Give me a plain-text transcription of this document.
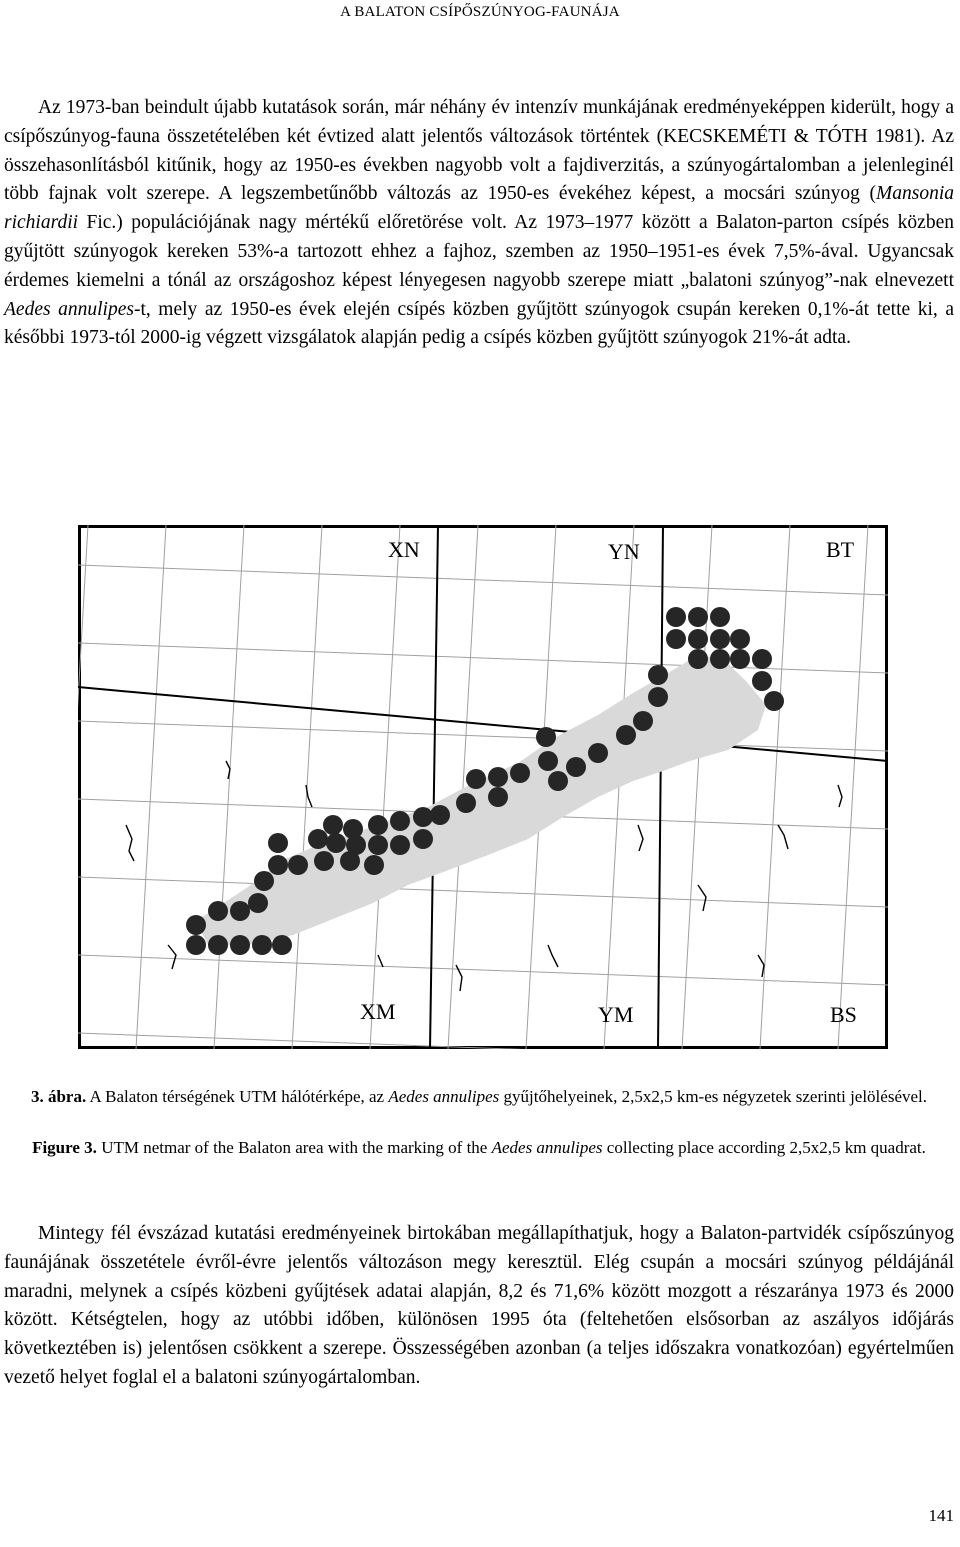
A BALATON CSÍPŐSZÚNYOG-FAUNÁJA

Az 1973-ban beindult újabb kutatások során, már néhány év intenzív munkájának eredményeképpen kiderült, hogy a csípőszúnyog-fauna összetételében két évtized alatt jelentős változások történtek (KECSKEMÉTI & TÓTH 1981). Az összehasonlításból kitűnik, hogy az 1950-es években nagyobb volt a fajdiverzitás, a szúnyogártalomban a jelenleginél több fajnak volt szerepe. A legszembetűnőbb változás az 1950-es évekéhez képest, a mocsári szúnyog (Mansonia richiardii Fic.) populációjának nagy mértékű előretörése volt. Az 1973–1977 között a Balaton-parton csípés közben gyűjtött szúnyogok kereken 53%-a tartozott ehhez a fajhoz, szemben az 1950–1951-es évek 7,5%-ával. Ugyancsak érdemes kiemelni a tónál az országoshoz képest lényegesen nagyobb szerepe miatt „balatoni szúnyog”-nak elnevezett Aedes annulipes-t, mely az 1950-es évek elején csípés közben gyűjtött szúnyogok csupán kereken 0,1%-át tette ki, a későbbi 1973-tól 2000-ig végzett vizsgálatok alapján pedig a csípés közben gyűjtött szúnyogok 21%-át adta.

XN	YN	BT
XM	YM	BS
3. ábra. A Balaton térségének UTM hálótérképe, az Aedes annulipes gyűjtőhelyeinek, 2,5x2,5 km-es négyzetek szerinti jelölésével.
Figure 3. UTM netmar of the Balaton area with the marking of the Aedes annulipes collecting place according 2,5x2,5 km quadrat.

Mintegy fél évszázad kutatási eredményeinek birtokában megállapíthatjuk, hogy a Balaton-partvidék csípőszúnyog faunájának összetétele évről-évre jelentős változáson megy keresztül. Elég csupán a mocsári szúnyog példájánál maradni, melynek a csípés közbeni gyűjtések adatai alapján, 8,2 és 71,6% között mozgott a részaránya 1973 és 2000 között. Kétségtelen, hogy az utóbbi időben, különösen 1995 óta (feltehetően elsősorban az aszályos időjárás következtében is) jelentősen csökkent a szerepe. Összességében azonban (a teljes időszakra vonatkozóan) egyértelműen vezető helyet foglal el a balatoni szúnyogártalomban.

141
